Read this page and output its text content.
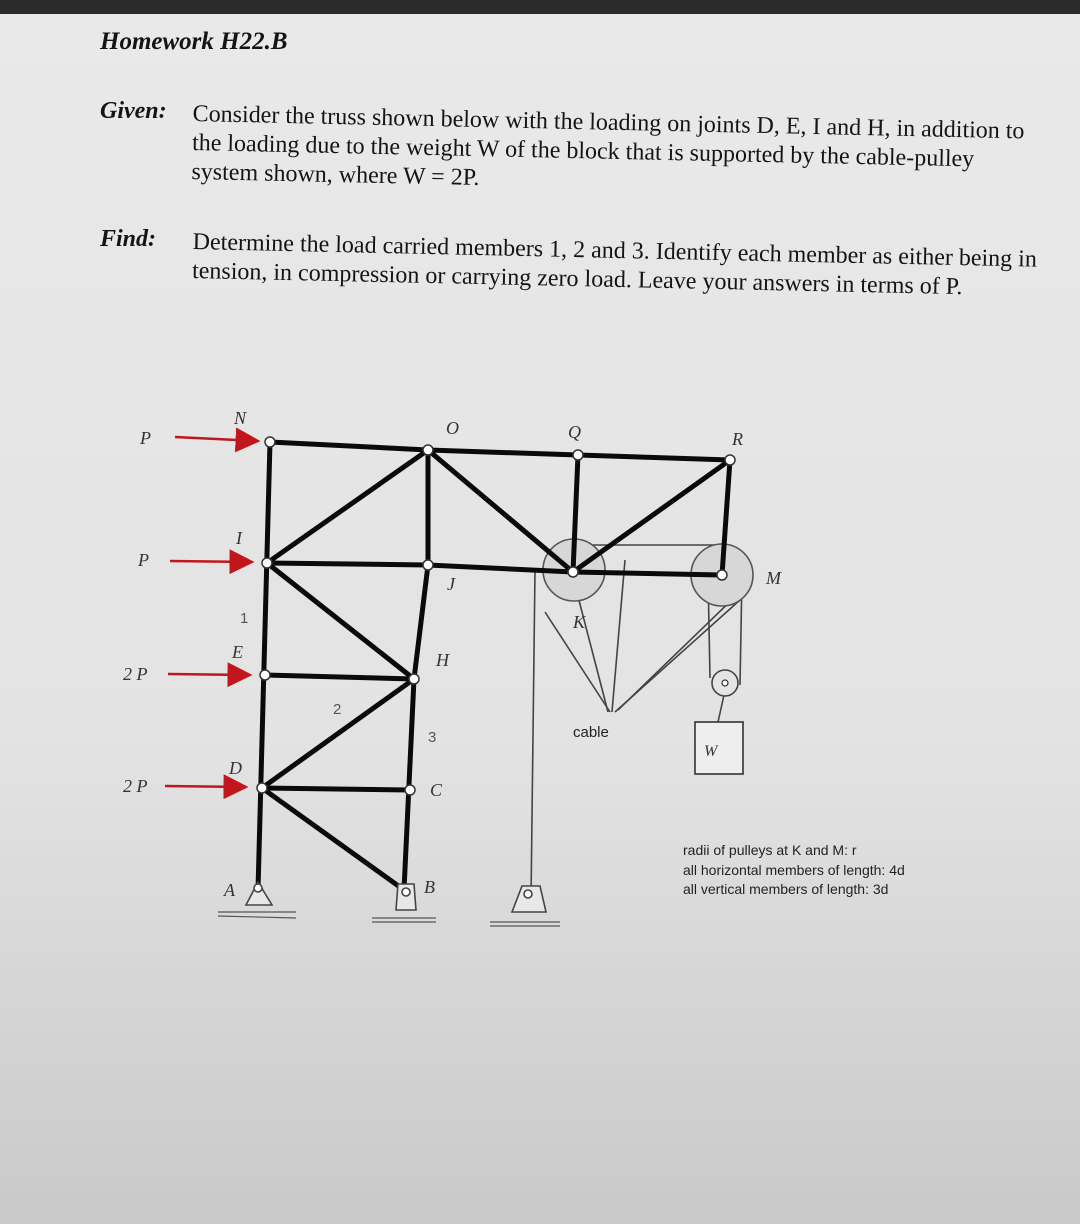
Homework H22.B
Given: Consider the truss shown below with the loading on joints D, E, I and H, in addition to the loading due to the weight W of the block that is supported by the cable-pulley system shown, where W = 2P.
Find: Determine the load carried members 1, 2 and 3. Identify each member as either being in tension, in compression or carrying zero load. Leave your answers in terms of P.
P
P
2 P
2 P
N	O	Q	R
I
J
K
M
E	H
D
C
A	B
W
1
2
3	cable
radii of pulleys at K and M: r
all horizontal members of length: 4d
all vertical members of length: 3d
